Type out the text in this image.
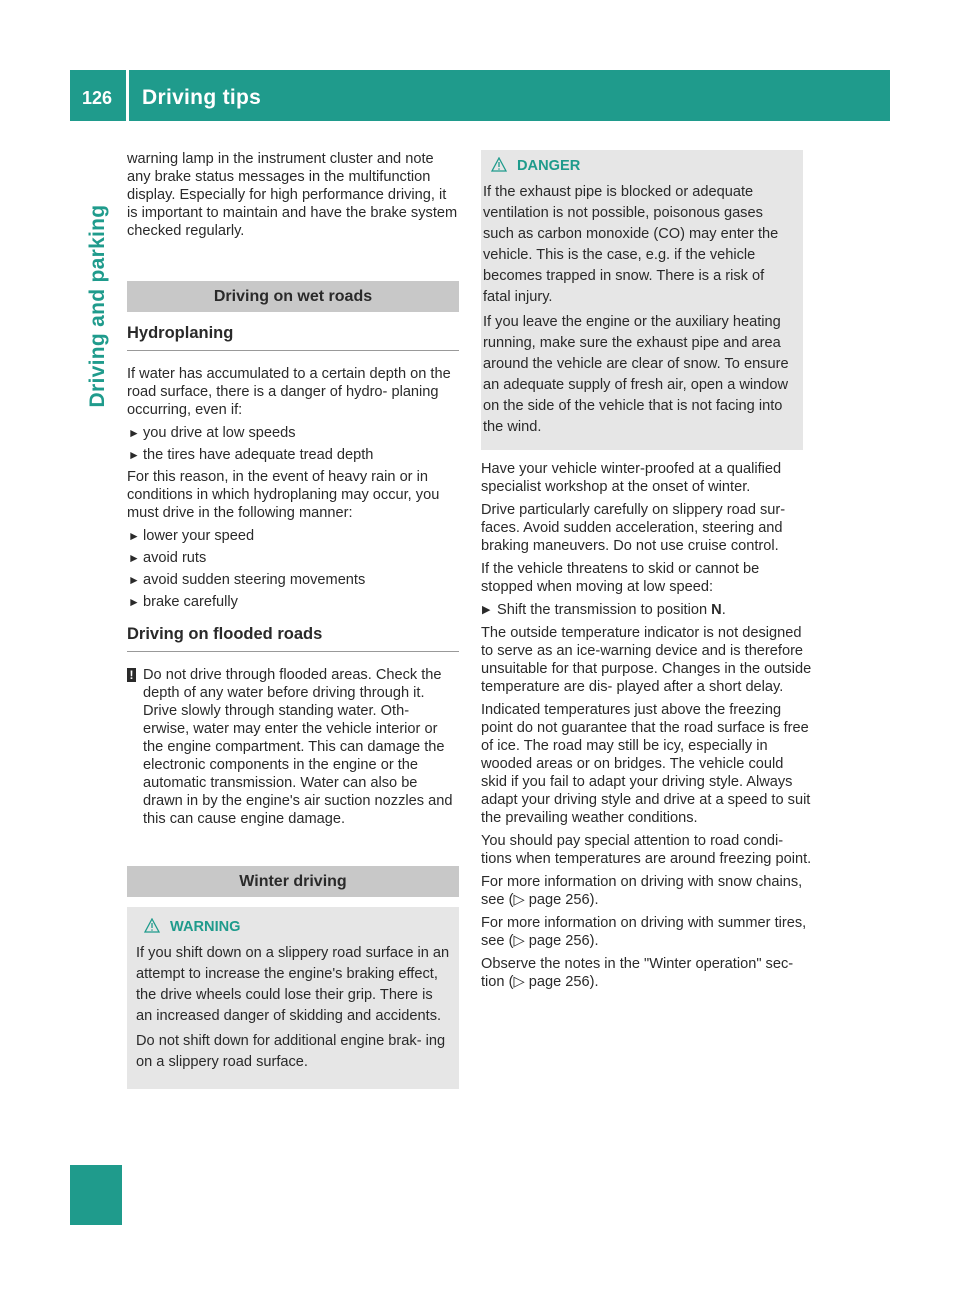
126 Driving tips
Driving and parking

warning lamp in the instrument cluster and note any brake status messages in the multifunction display. Especially for high performance driving, it is important to maintain and have the brake system checked regularly.

Driving on wet roads
Hydroplaning

If water has accumulated to a certain depth on the road surface, there is a danger of hydro- planing occurring, even if:

► you drive at low speeds
► the tires have adequate tread depth

For this reason, in the event of heavy rain or in conditions in which hydroplaning may occur, you must drive in the following manner:

► lower your speed
► avoid ruts
► avoid sudden steering movements
► brake carefully
Driving on flooded roads
! Do not drive through flooded areas. Check the depth of any water before driving through it. Drive slowly through standing water. Oth- erwise, water may enter the vehicle interior or the engine compartment. This can damage the electronic components in the engine or the automatic transmission. Water can also be drawn in by the engine's air suction nozzles and this can cause engine damage.
Winter driving
WARNING

If you shift down on a slippery road surface in an attempt to increase the engine's braking effect, the drive wheels could lose their grip. There is an increased danger of skidding and accidents.

Do not shift down for additional engine brak- ing on a slippery road surface.

DANGER

If the exhaust pipe is blocked or adequate ventilation is not possible, poisonous gases such as carbon monoxide (CO) may enter the vehicle. This is the case, e.g. if the vehicle becomes trapped in snow. There is a risk of fatal injury.

If you leave the engine or the auxiliary heating running, make sure the exhaust pipe and area around the vehicle are clear of snow. To ensure an adequate supply of fresh air, open a window on the side of the vehicle that is not facing into the wind.

Have your vehicle winter-proofed at a qualified specialist workshop at the onset of winter.

Drive particularly carefully on slippery road sur- faces. Avoid sudden acceleration, steering and braking maneuvers. Do not use cruise control.

If the vehicle threatens to skid or cannot be stopped when moving at low speed:

▶ Shift the transmission to position N.

The outside temperature indicator is not designed to serve as an ice-warning device and is therefore unsuitable for that purpose. Changes in the outside temperature are dis- played after a short delay.

Indicated temperatures just above the freezing point do not guarantee that the road surface is free of ice. The road may still be icy, especially in wooded areas or on bridges. The vehicle could skid if you fail to adapt your driving style. Always adapt your driving style and drive at a speed to suit the prevailing weather conditions.

You should pay special attention to road condi- tions when temperatures are around freezing point.

For more information on driving with snow chains, see (▷ page 256).

For more information on driving with summer tires, see (▷ page 256).

Observe the notes in the "Winter operation" sec- tion (▷ page 256).
